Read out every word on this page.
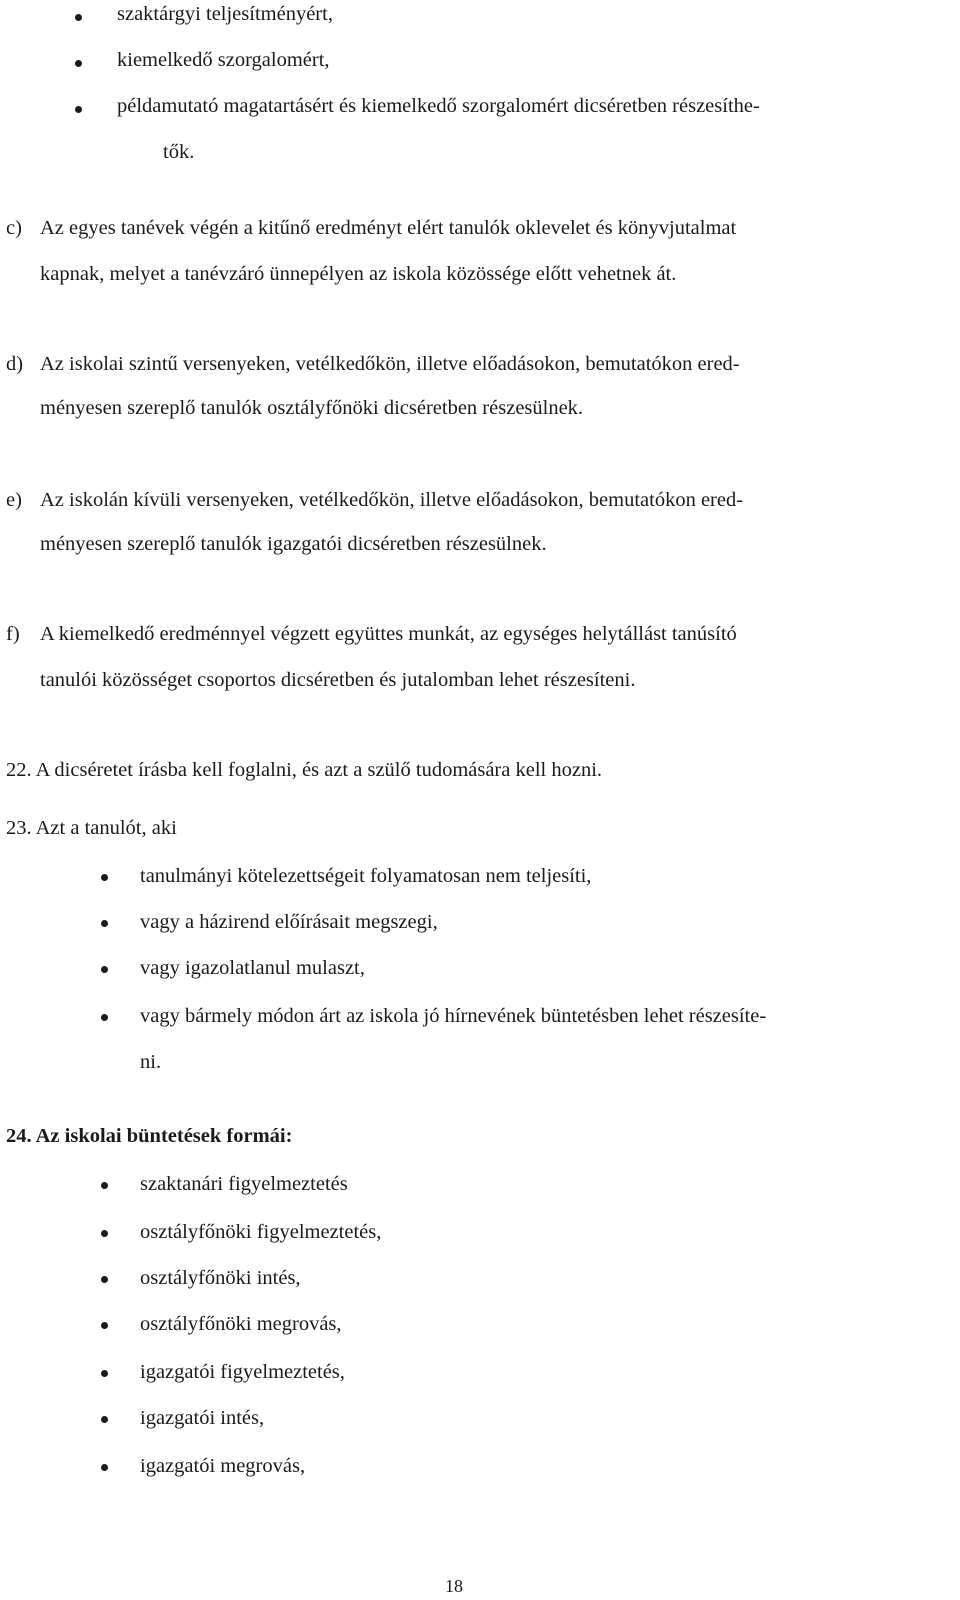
szaktárgyi teljesítményért,
kiemelkedő szorgalomért,
példamutató magatartásért és kiemelkedő szorgalomért dicséretben részesíthe-
tők.
c) Az egyes tanévek végén a kitűnő eredményt elért tanulók oklevelet és könyvjutalmat
kapnak, melyet a tanévzáró ünnepélyen az iskola közössége előtt vehetnek át.
d) Az iskolai szintű versenyeken, vetélkedőkön, illetve előadásokon, bemutatókon ered-
ményesen szereplő tanulók osztályfőnöki dicséretben részesülnek.
e) Az iskolán kívüli versenyeken, vetélkedőkön, illetve előadásokon, bemutatókon ered-
ményesen szereplő tanulók igazgatói dicséretben részesülnek.
f) A kiemelkedő eredménnyel végzett együttes munkát, az egységes helytállást tanúsító
tanulói közösséget csoportos dicséretben és jutalomban lehet részesíteni.
22. A dicséretet írásba kell foglalni, és azt a szülő tudomására kell hozni.
23. Azt a tanulót, aki
tanulmányi kötelezettségeit folyamatosan nem teljesíti,
vagy a házirend előírásait megszegi,
vagy igazolatlanul mulaszt,
vagy bármely módon árt az iskola jó hírnevének büntetésben lehet részesíte-
ni.
24. Az iskolai büntetések formái:
szaktanári figyelmeztetés
osztályfőnöki figyelmeztetés,
osztályfőnöki intés,
osztályfőnöki megrovás,
igazgatói figyelmeztetés,
igazgatói intés,
igazgatói megrovás,
18
